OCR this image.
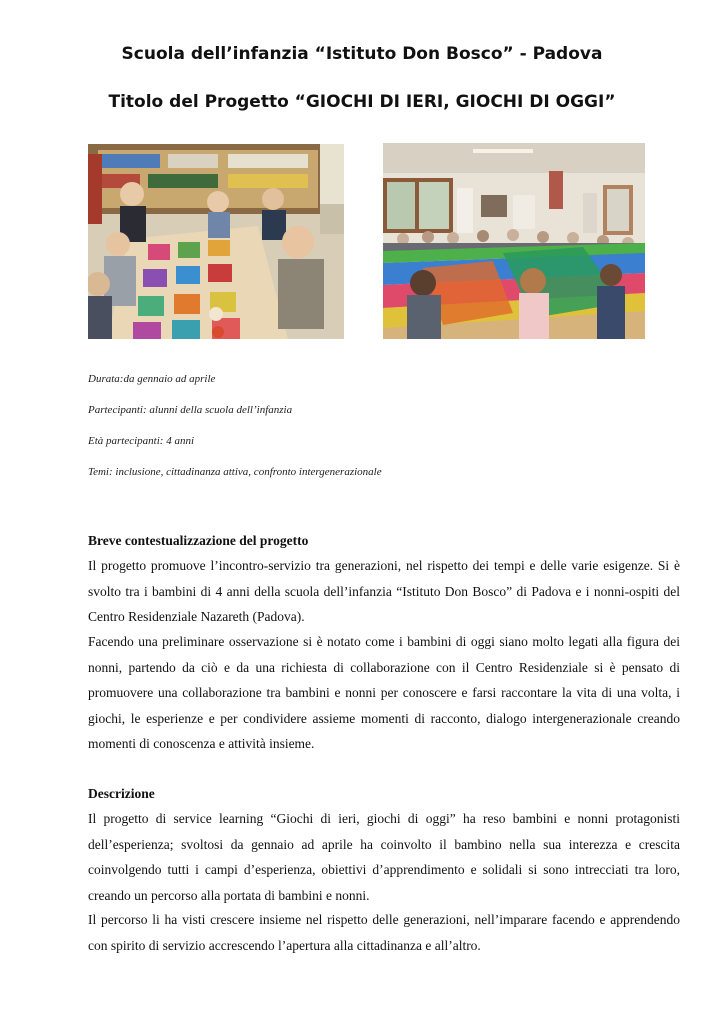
Scuola dell’infanzia “Istituto Don Bosco” - Padova
Titolo del Progetto “GIOCHI DI IERI, GIOCHI DI OGGI”

Durata:da gennaio ad aprile

Partecipanti: alunni della scuola dell’infanzia

Età partecipanti: 4 anni

Temi: inclusione, cittadinanza attiva, confronto intergenerazionale

Breve contestualizzazione del progetto

Il progetto promuove l’incontro-servizio tra generazioni, nel rispetto dei tempi e delle varie esigenze. Si è svolto tra i bambini di 4 anni della scuola dell’infanzia “Istituto Don Bosco” di Padova e i nonni-ospiti del Centro Residenziale Nazareth (Padova).

Facendo una preliminare osservazione si è notato come i bambini di oggi siano molto legati alla figura dei nonni, partendo da ciò e da una richiesta di collaborazione con il Centro Residenziale si è pensato di promuovere una collaborazione tra bambini e nonni per conoscere e farsi raccontare la vita di una volta, i giochi, le esperienze e per condividere assieme momenti di racconto, dialogo intergenerazionale creando momenti di conoscenza e attività insieme.

Descrizione

Il progetto di service learning “Giochi di ieri, giochi di oggi” ha reso bambini e nonni protagonisti dell’esperienza; svoltosi da gennaio ad aprile ha coinvolto il bambino nella sua interezza e crescita coinvolgendo tutti i campi d’esperienza, obiettivi d’apprendimento e solidali si sono intrecciati tra loro, creando un percorso alla portata di bambini e nonni.

Il percorso li ha visti crescere insieme nel rispetto delle generazioni, nell’imparare facendo e apprendendo con spirito di servizio accrescendo l’apertura alla cittadinanza e all’altro.
